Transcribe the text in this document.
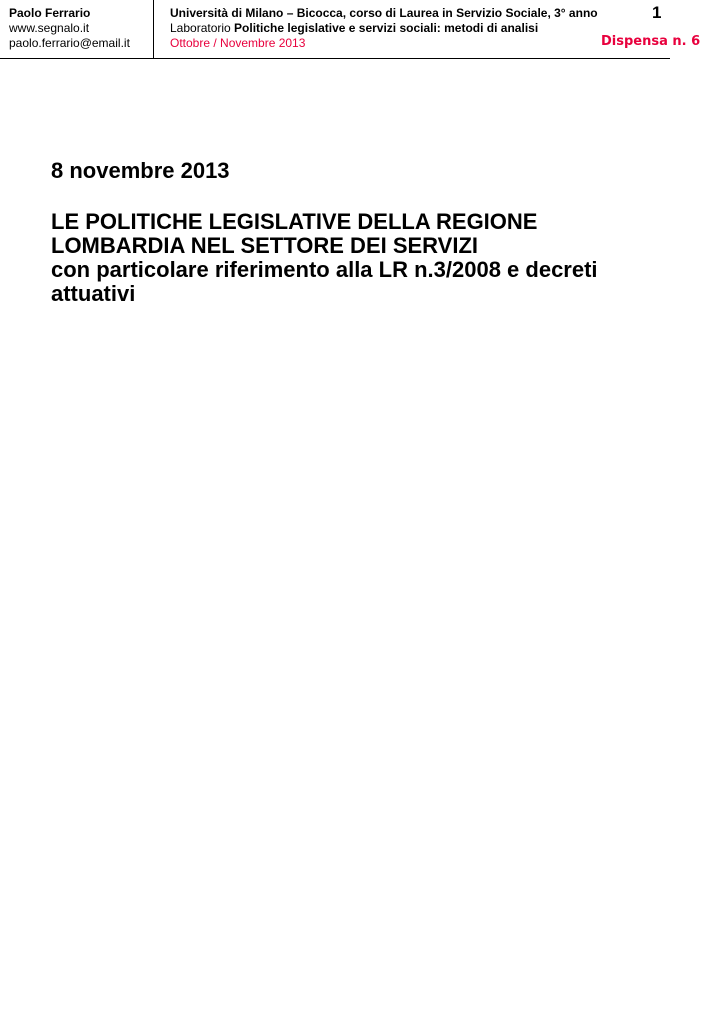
Paolo Ferrario
www.segnalo.it
paolo.ferrario@email.it
Università di Milano – Bicocca, corso di Laurea in Servizio Sociale, 3° anno
Laboratorio Politiche legislative e servizi sociali: metodi di analisi
Ottobre / Novembre 2013
1
Dispensa n. 6
8 novembre 2013
LE POLITICHE LEGISLATIVE DELLA REGIONE
LOMBARDIA NEL SETTORE DEI SERVIZI
con particolare riferimento alla LR n.3/2008 e decreti
attuativi
